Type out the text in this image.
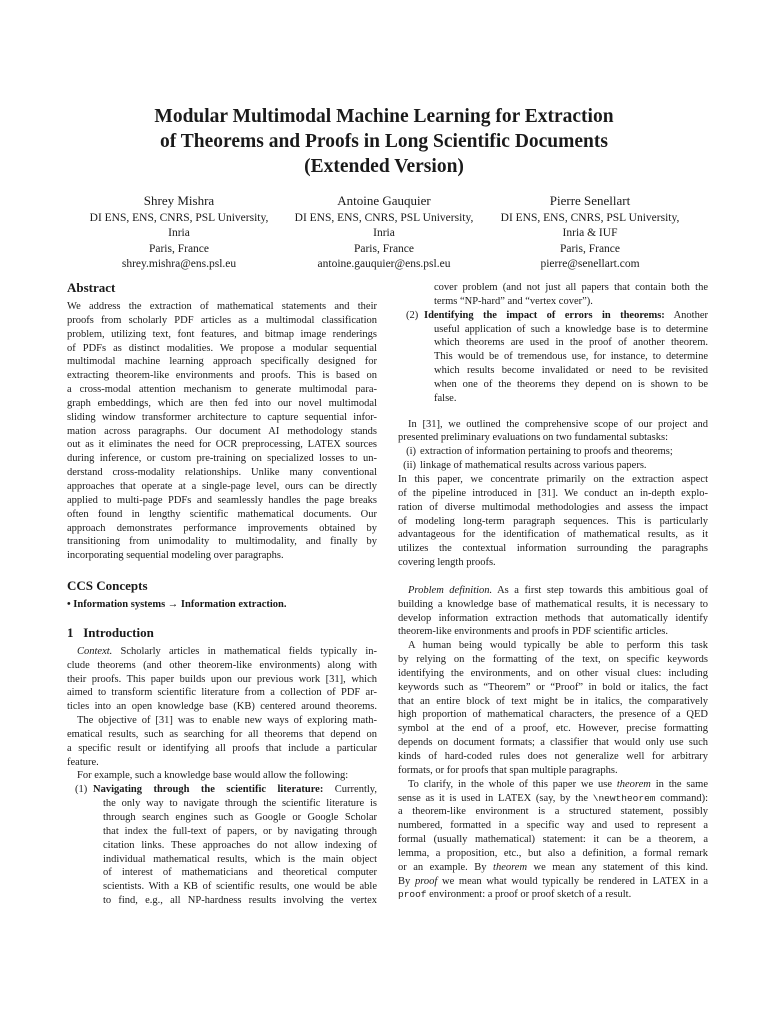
Modular Multimodal Machine Learning for Extraction
of Theorems and Proofs in Long Scientific Documents
(Extended Version)
Shrey Mishra
DI ENS, ENS, CNRS, PSL University,
Inria
Paris, France
shrey.mishra@ens.psl.eu
Antoine Gauquier
DI ENS, ENS, CNRS, PSL University,
Inria
Paris, France
antoine.gauquier@ens.psl.eu
Pierre Senellart
DI ENS, ENS, CNRS, PSL University,
Inria & IUF
Paris, France
pierre@senellart.com
Abstract
We address the extraction of mathematical statements and their
proofs from scholarly PDF articles as a multimodal classification
problem, utilizing text, font features, and bitmap image renderings
of PDFs as distinct modalities. We propose a modular sequential
multimodal machine learning approach specifically designed for
extracting theorem-like environments and proofs. This is based on
a cross-modal attention mechanism to generate multimodal para-
graph embeddings, which are then fed into our novel multimodal
sliding window transformer architecture to capture sequential infor-
mation across paragraphs. Our document AI methodology stands
out as it eliminates the need for OCR preprocessing, LATEX sources
during inference, or custom pre-training on specialized losses to un-
derstand cross-modality relationships. Unlike many conventional
approaches that operate at a single-page level, ours can be directly
applied to multi-page PDFs and seamlessly handles the page breaks
often found in lengthy scientific mathematical documents. Our
approach demonstrates performance improvements obtained by
transitioning from unimodality to multimodality, and finally by
incorporating sequential modeling over paragraphs.
CCS Concepts
• Information systems → Information extraction.
1 Introduction
Context. Scholarly articles in mathematical fields typically in-
clude theorems (and other theorem-like environments) along with
their proofs. This paper builds upon our previous work [31], which
aimed to transform scientific literature from a collection of PDF ar-
ticles into an open knowledge base (KB) centered around theorems.
The objective of [31] was to enable new ways of exploring math-
ematical results, such as searching for all theorems that depend on
a specific result or identifying all proofs that include a particular
feature.
For example, such a knowledge base would allow the following:
(1) Navigating through the scientific literature: Currently,
the only way to navigate through the scientific literature is
through search engines such as Google or Google Scholar
that index the full-text of papers, or by navigating through
citation links. These approaches do not allow indexing of
individual mathematical results, which is the main object
of interest of mathematicians and theoretical computer
scientists. With a KB of scientific results, one would be able
to find, e.g., all NP-hardness results involving the vertex
cover problem (and not just all papers that contain both the
terms “NP-hard” and “vertex cover”).
(2) Identifying the impact of errors in theorems: Another
useful application of such a knowledge base is to determine
which theorems are used in the proof of another theorem.
This would be of tremendous use, for instance, to determine
which results become invalidated or need to be revisited
when one of the theorems they depend on is shown to be
false.
In [31], we outlined the comprehensive scope of our project and
presented preliminary evaluations on two fundamental subtasks:
(i) extraction of information pertaining to proofs and theorems;
(ii) linkage of mathematical results across various papers.
In this paper, we concentrate primarily on the extraction aspect
of the pipeline introduced in [31]. We conduct an in-depth explo-
ration of diverse multimodal methodologies and assess the impact
of modeling long-term paragraph sequences. This is particularly
advantageous for the identification of mathematical results, as it
utilizes the contextual information surrounding the paragraphs
covering length proofs.
Problem definition. As a first step towards this ambitious goal of
building a knowledge base of mathematical results, it is necessary to
develop information extraction methods that automatically identify
theorem-like environments and proofs in PDF scientific articles.
A human being would typically be able to perform this task
by relying on the formatting of the text, on specific keywords
identifying the environments, and on other visual clues: including
keywords such as “Theorem” or “Proof” in bold or italics, the fact
that an entire block of text might be in italics, the comparatively
high proportion of mathematical characters, the presence of a QED
symbol at the end of a proof, etc. However, precise formatting
depends on document formats; a classifier that would only use such
kinds of hard-coded rules does not generalize well for arbitrary
formats, or for proofs that span multiple paragraphs.
To clarify, in the whole of this paper we use theorem in the same
sense as it is used in LATEX (say, by the \newtheorem command):
a theorem-like environment is a structured statement, possibly
numbered, formatted in a specific way and used to represent a
formal (usually mathematical) statement: it can be a theorem, a
lemma, a proposition, etc., but also a definition, a formal remark
or an example. By theorem we mean any statement of this kind.
By proof we mean what would typically be rendered in LATEX in a
proof environment: a proof or proof sketch of a result.
